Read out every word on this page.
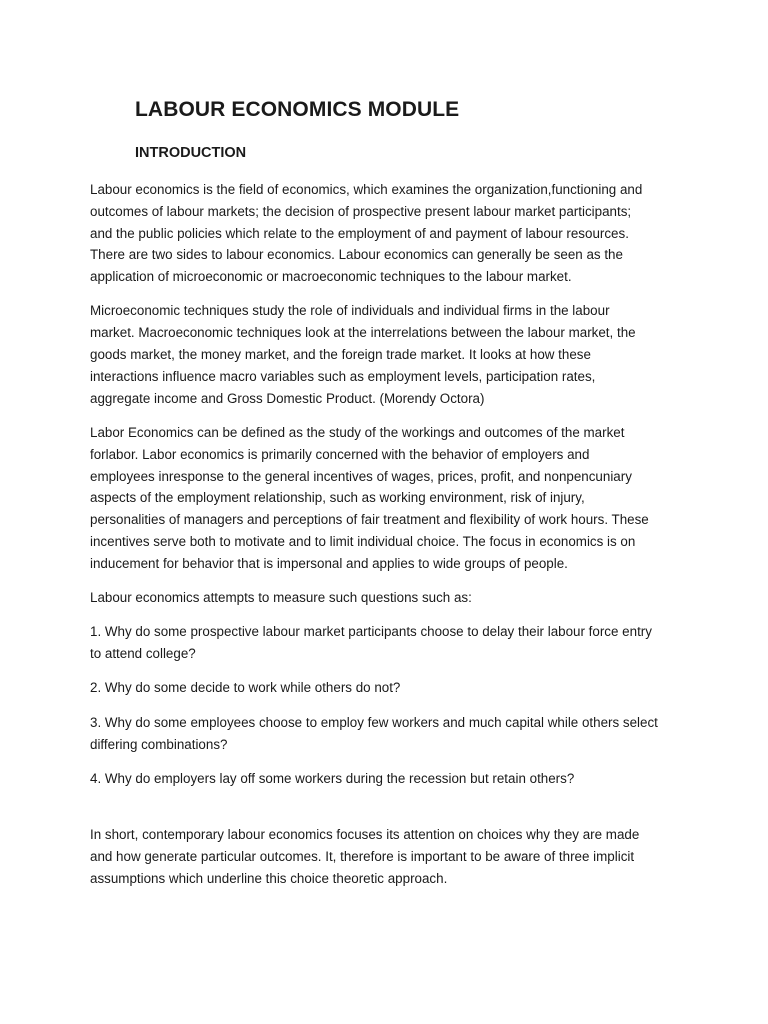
LABOUR ECONOMICS MODULE
INTRODUCTION

Labour economics is the field of economics, which examines the organization,functioning and
outcomes of labour markets; the decision of prospective present labour market participants;
and the public policies which relate to the employment of and payment of labour resources.
There are two sides to labour economics. Labour economics can generally be seen as the
application of microeconomic or macroeconomic techniques to the labour market.

Microeconomic techniques study the role of individuals and individual firms in the labour
market. Macroeconomic techniques look at the interrelations between the labour market, the
goods market, the money market, and the foreign trade market. It looks at how these
interactions influence macro variables such as employment levels, participation rates,
aggregate income and Gross Domestic Product. (Morendy Octora)

Labor Economics can be defined as the study of the workings and outcomes of the market
forlabor. Labor economics is primarily concerned with the behavior of employers and
employees inresponse to the general incentives of wages, prices, profit, and nonpencuniary
aspects of the employment relationship, such as working environment, risk of injury,
personalities of managers and perceptions of fair treatment and flexibility of work hours. These
incentives serve both to motivate and to limit individual choice. The focus in economics is on
inducement for behavior that is impersonal and applies to wide groups of people.

Labour economics attempts to measure such questions such as:

1. Why do some prospective labour market participants choose to delay their labour force entry
to attend college?

2. Why do some decide to work while others do not?

3. Why do some employees choose to employ few workers and much capital while others select
differing combinations?

4. Why do employers lay off some workers during the recession but retain others?

In short, contemporary labour economics focuses its attention on choices why they are made
and how generate particular outcomes. It, therefore is important to be aware of three implicit
assumptions which underline this choice theoretic approach.
